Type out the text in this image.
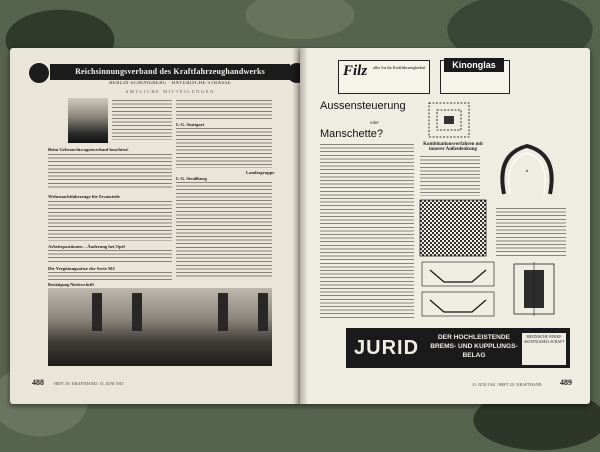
Reichsinnungsverband des Kraftfahrzeughandwerks
BERLIN SCHÖNEBERG · BAYERISCHE STRASSE
AMTLICHE MITTEILUNGEN
Beim Gebrauchtwagenverkauf beachten!
Wehrmachtfahrzeuge für Ersatzteile
Arbeitspositionen – Änderung bei Opel
Die Vergütungssätze der Serie 502
Bestätigung Niederschrift
I.-G. Stuttgart
Landesgruppe
I.-G. Straßburg
488	HEFT 20 / KRAFTHAND / 31. JUNI 1941
Filz aller Art für Kraftfahrzeugbedarf	Kinonglas
Aussensteuerung
oder
Manschette?
Kombinationsverfahren mit innerer Außenlenkung
●
JURID	DER HOCHLEISTENDE
BREMS- UND KUPPLUNGS-
BELAG
RHEINISCHE WERKE AKTIENGESELLSCHAFT
31. JUNI 1941 / HEFT 20 / KRAFTHAND 489
